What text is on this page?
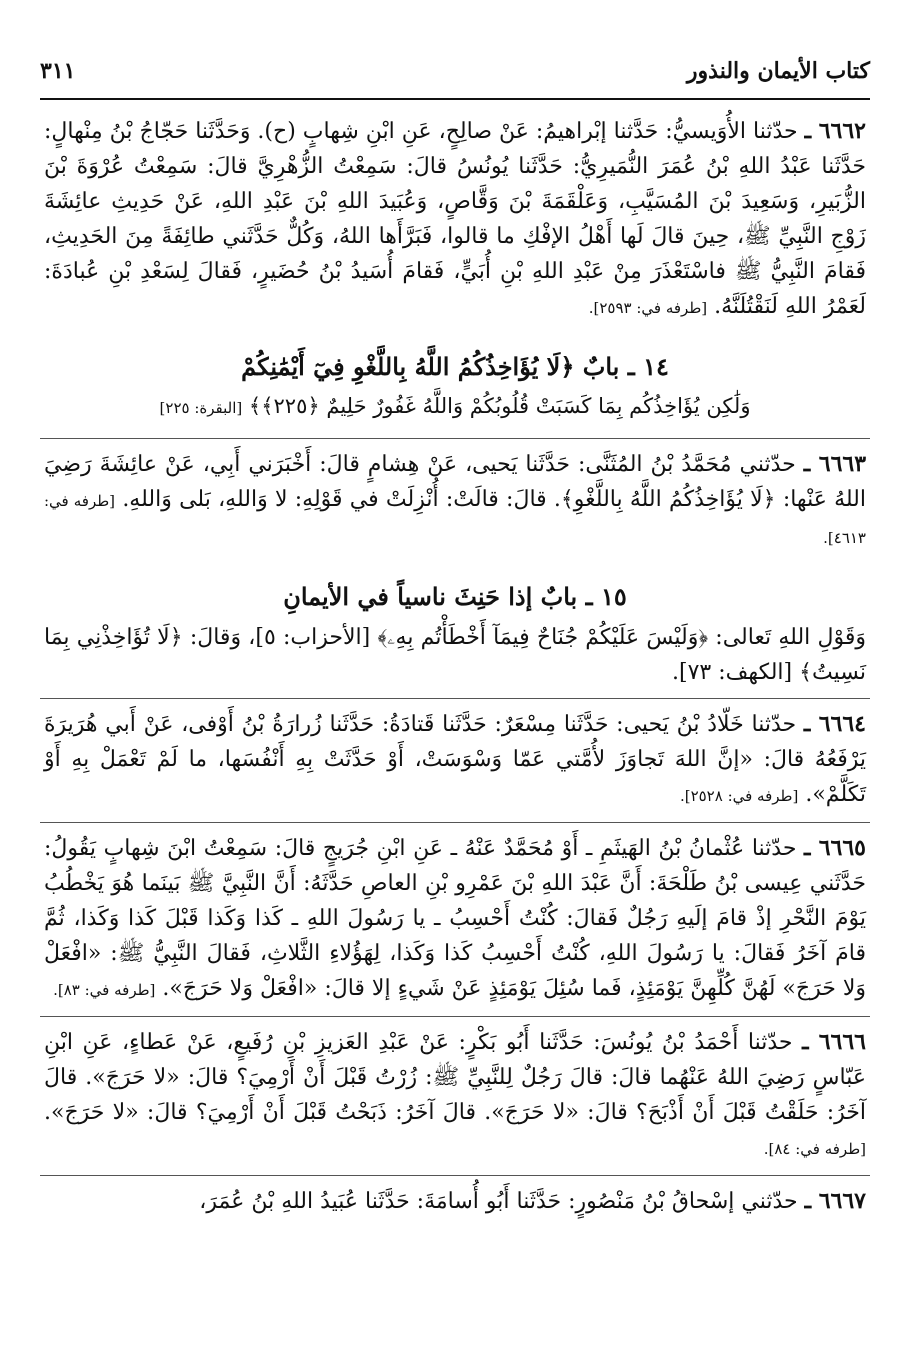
كتاب الأيمان والنذور
٣١١

٦٦٦٢ ـ حدّثنا الأُوَيسيُّ: حَدَّثنا إبْراهيمُ: عَنْ صالِحٍ، عَنِ ابْنِ شِهابٍ (ح). وَحَدَّثَنا حَجّاجُ بْنُ مِنْهالٍ: حَدَّثَنا عَبْدُ اللهِ بْنُ عُمَرَ النُّمَيرِيُّ: حَدَّثَنا يُونُسُ قالَ: سَمِعْتُ الزُّهْرِيَّ قالَ: سَمِعْتُ عُرْوَةَ بْنَ الزُّبَيرِ، وَسَعِيدَ بْنَ المُسَيَّبِ، وَعَلْقَمَةَ بْنَ وَقَّاصٍ، وَعُبَيدَ اللهِ بْنَ عَبْدِ اللهِ، عَنْ حَدِيثِ عائِشَةَ زَوْجِ النَّبِيِّ ﷺ، حِينَ قالَ لَها أَهْلُ الإفْكِ ما قالوا، فَبَرَّأَها اللهُ، وَكُلٌّ حَدَّثَني طائِفَةً مِنَ الحَدِيثِ، فَقامَ النَّبِيُّ ﷺ فاسْتَعْذَرَ مِنْ عَبْدِ اللهِ بْنِ أُبَيٍّ، فَقامَ أُسَيدُ بْنُ حُضَيرٍ، فَقالَ لِسَعْدِ بْنِ عُبادَةَ: لَعَمْرُ اللهِ لَنَقْتُلَنَّهُ. [طرفه في: ٢٥٩٣].

١٤ ـ بابٌ ﴿لَا يُؤَاخِذُكُمُ اللَّهُ بِاللَّغْوِ فِيٓ أَيْمَٰنِكُمْ
وَلَٰكِن يُؤَاخِذُكُم بِمَا كَسَبَتْ قُلُوبُكُمْ وَاللَّهُ غَفُورٌ حَلِيمٌ ﴿٢٢٥﴾﴾ [البقرة: ٢٢٥]

٦٦٦٣ ـ حدّثني مُحَمَّدُ بْنُ المُثَنَّى: حَدَّثَنا يَحيى، عَنْ هِشامٍ قالَ: أَخْبَرَني أَبِي، عَنْ عائِشَةَ رَضِيَ اللهُ عَنْها: ﴿لَا يُؤَاخِذُكُمُ اللَّهُ بِاللَّغْوِ﴾. قالَ: قالَتْ: أُنْزِلَتْ في قَوْلِهِ: لا وَاللهِ، بَلى وَاللهِ. [طرفه في: ٤٦١٣].

١٥ ـ بابٌ إذا حَنِثَ ناسياً في الأيمانِ

وَقَوْلِ اللهِ تَعالى: ﴿وَلَيْسَ عَلَيْكُمْ جُنَاحٌ فِيمَآ أَخْطَأْتُم بِهِۦ﴾ [الأحزاب: ٥]، وَقالَ: ﴿لَا تُؤَاخِذْنِي بِمَا نَسِيتُ﴾ [الكهف: ٧٣].

٦٦٦٤ ـ حدّثنا خَلّادُ بْنُ يَحيى: حَدَّثَنا مِسْعَرٌ: حَدَّثَنا قَتادَةُ: حَدَّثَنا زُرارَةُ بْنُ أَوْفى، عَنْ أَبي هُرَيرَةَ يَرْفَعُهُ قالَ: «إنَّ اللهَ تَجاوَزَ لأُمَّتي عَمّا وَسْوَسَتْ، أَوْ حَدَّثَتْ بِهِ أَنْفُسَها، ما لَمْ تَعْمَلْ بِهِ أَوْ تَكَلَّمْ». [طرفه في: ٢٥٢٨].

٦٦٦٥ ـ حدّثنا عُثْمانُ بْنُ الهَيثَمِ ـ أَوْ مُحَمَّدٌ عَنْهُ ـ عَنِ ابْنِ جُرَيجٍ قالَ: سَمِعْتُ ابْنَ شِهابٍ يَقُولُ: حَدَّثَني عِيسى بْنُ طَلْحَةَ: أَنَّ عَبْدَ اللهِ بْنَ عَمْرِو بْنِ العاصِ حَدَّثَهُ: أَنَّ النَّبِيَّ ﷺ بَينَما هُوَ يَخْطُبُ يَوْمَ النَّحْرِ إذْ قامَ إلَيهِ رَجُلٌ فَقالَ: كُنْتُ أَحْسِبُ ـ يا رَسُولَ اللهِ ـ كَذا وَكَذا قَبْلَ كَذا وَكَذا، ثُمَّ قامَ آخَرُ فَقالَ: يا رَسُولَ اللهِ، كُنْتُ أَحْسِبُ كَذا وَكَذا، لِهَؤُلاءِ الثَّلاثِ، فَقالَ النَّبِيُّ ﷺ: «افْعَلْ وَلا حَرَجَ» لَهُنَّ كُلِّهِنَّ يَوْمَئِذٍ، فَما سُئِلَ يَوْمَئِذٍ عَنْ شَيءٍ إلا قالَ: «افْعَلْ وَلا حَرَجَ». [طرفه في: ٨٣].

٦٦٦٦ ـ حدّثنا أَحْمَدُ بْنُ يُونُسَ: حَدَّثَنا أَبُو بَكْرٍ: عَنْ عَبْدِ العَزيزِ بْنِ رُفَيعٍ، عَنْ عَطاءٍ، عَنِ ابْنِ عَبّاسٍ رَضِيَ اللهُ عَنْهُما قالَ: قالَ رَجُلٌ لِلنَّبِيِّ ﷺ: زُرْتُ قَبْلَ أَنْ أَرْمِيَ؟ قالَ: «لا حَرَجَ». قالَ آخَرُ: حَلَقْتُ قَبْلَ أَنْ أَذْبَحَ؟ قالَ: «لا حَرَجَ». قالَ آخَرُ: ذَبَحْتُ قَبْلَ أَنْ أَرْمِيَ؟ قالَ: «لا حَرَجَ». [طرفه في: ٨٤].

٦٦٦٧ ـ حدّثني إسْحاقُ بْنُ مَنْصُورٍ: حَدَّثَنا أَبُو أُسامَةَ: حَدَّثَنا عُبَيدُ اللهِ بْنُ عُمَرَ،
